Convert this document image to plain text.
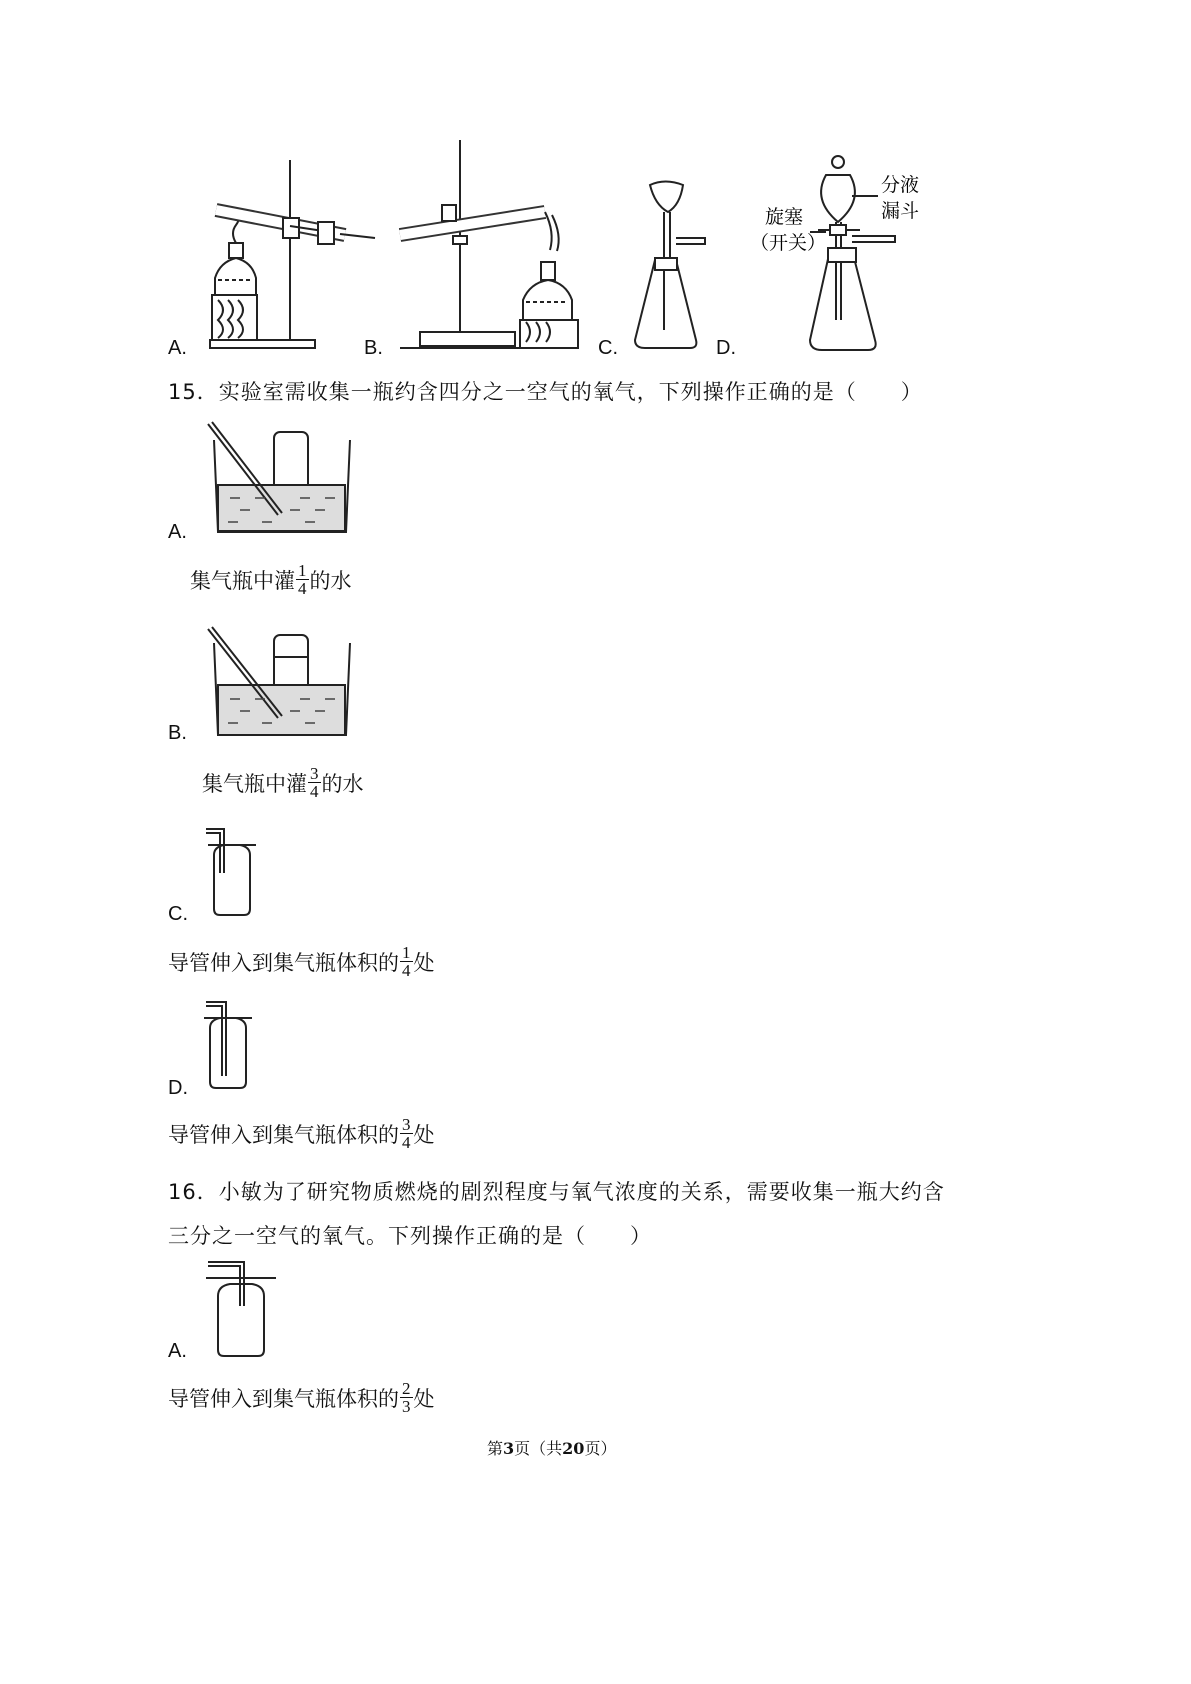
分液
漏斗
旋塞
（开关）
A.	B.	C.	D.
15．实验室需收集一瓶约含四分之一空气的氧气，下列操作正确的是（　　）
A.
集气瓶中灌 $\frac{1}{4}$ 的水
B.
集气瓶中灌 $\frac{3}{4}$ 的水
C.
导管伸入到集气瓶体积的 $\frac{1}{4}$ 处
D.
导管伸入到集气瓶体积的 $\frac{3}{4}$ 处
16．小敏为了研究物质燃烧的剧烈程度与氧气浓度的关系，需要收集一瓶大约含
三分之一空气的氧气。下列操作正确的是（　　）
A.
导管伸入到集气瓶体积的 $\frac{2}{3}$ 处
第3页（共20页）
